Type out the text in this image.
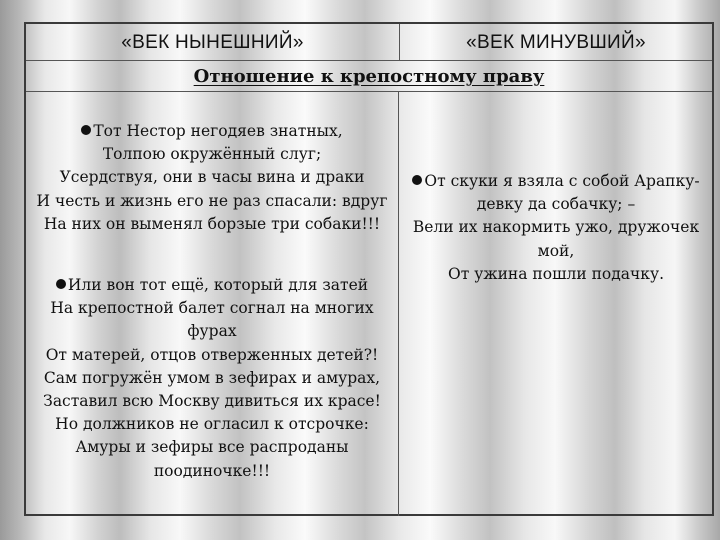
«ВЕК НЫНЕШНИЙ»	«ВЕК МИНУВШИЙ»
Отношение к крепостному праву
Тот Нестор негодяев знатных,
Толпою окружённый слуг;
Усердствуя, они в часы вина и драки
И честь и жизнь его не раз спасали: вдруг
На них он выменял борзые три собаки!!!
Или вон тот ещё, который для затей
На крепостной балет согнал на многих
фурах
От матерей, отцов отверженных детей?!
Сам погружён умом в зефирах и амурах,
Заставил всю Москву дивиться их красе!
Но должников не огласил к отсрочке:
Амуры и зефиры все распроданы
поодиночке!!!
От скуки я взяла с собой Арапку-
девку да собачку; –
Вели их накормить ужо, дружочек
мой,
От ужина пошли подачку.
